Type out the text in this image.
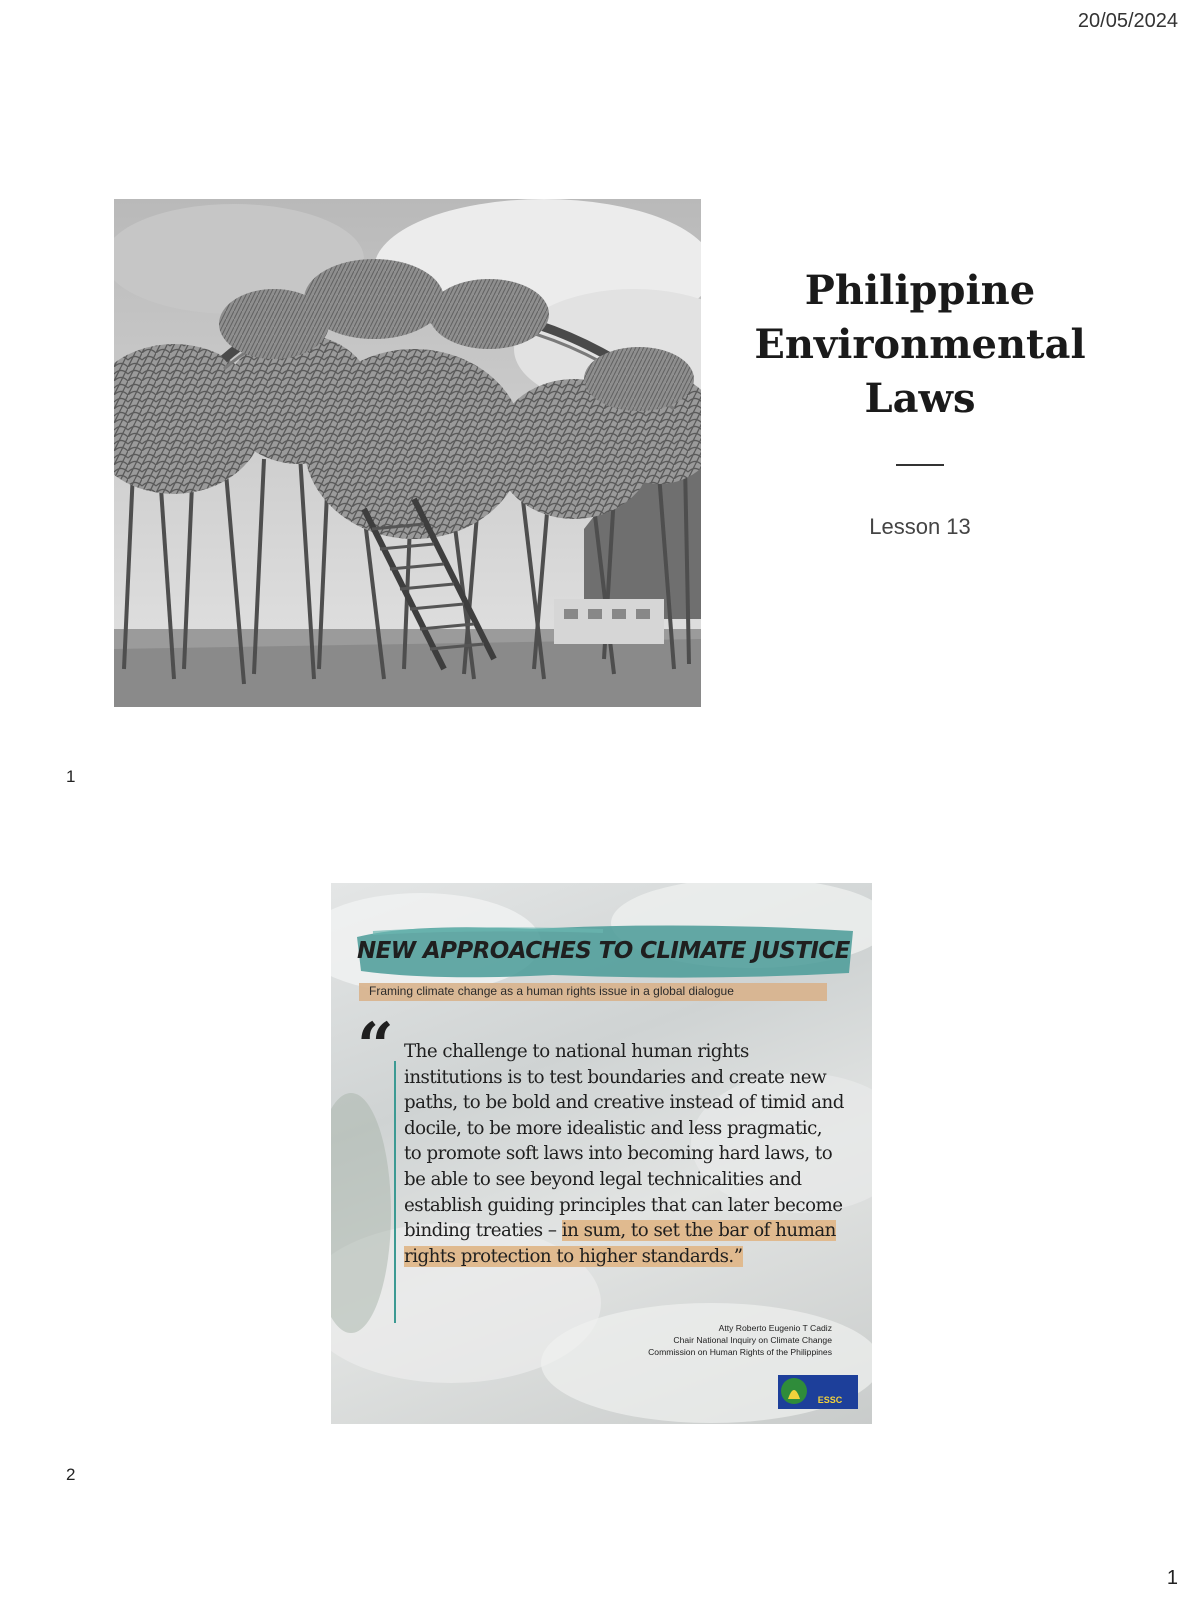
20/05/2024
Philippine
Environmental
Laws
Lesson 13
1
NEW APPROACHES TO CLIMATE JUSTICE
Framing climate change as a human rights issue in a global dialogue
“ The challenge to national human rights institutions is to test boundaries and create new paths, to be bold and creative instead of timid and docile, to be more idealistic and less pragmatic, to promote soft laws into becoming hard laws, to be able to see beyond legal technicalities and establish guiding principles that can later become binding treaties – in sum, to set the bar of human rights protection to higher standards.”

Atty Roberto Eugenio T Cadiz
Chair National Inquiry on Climate Change
Commission on Human Rights of the Philippines
ESSC
2
1
